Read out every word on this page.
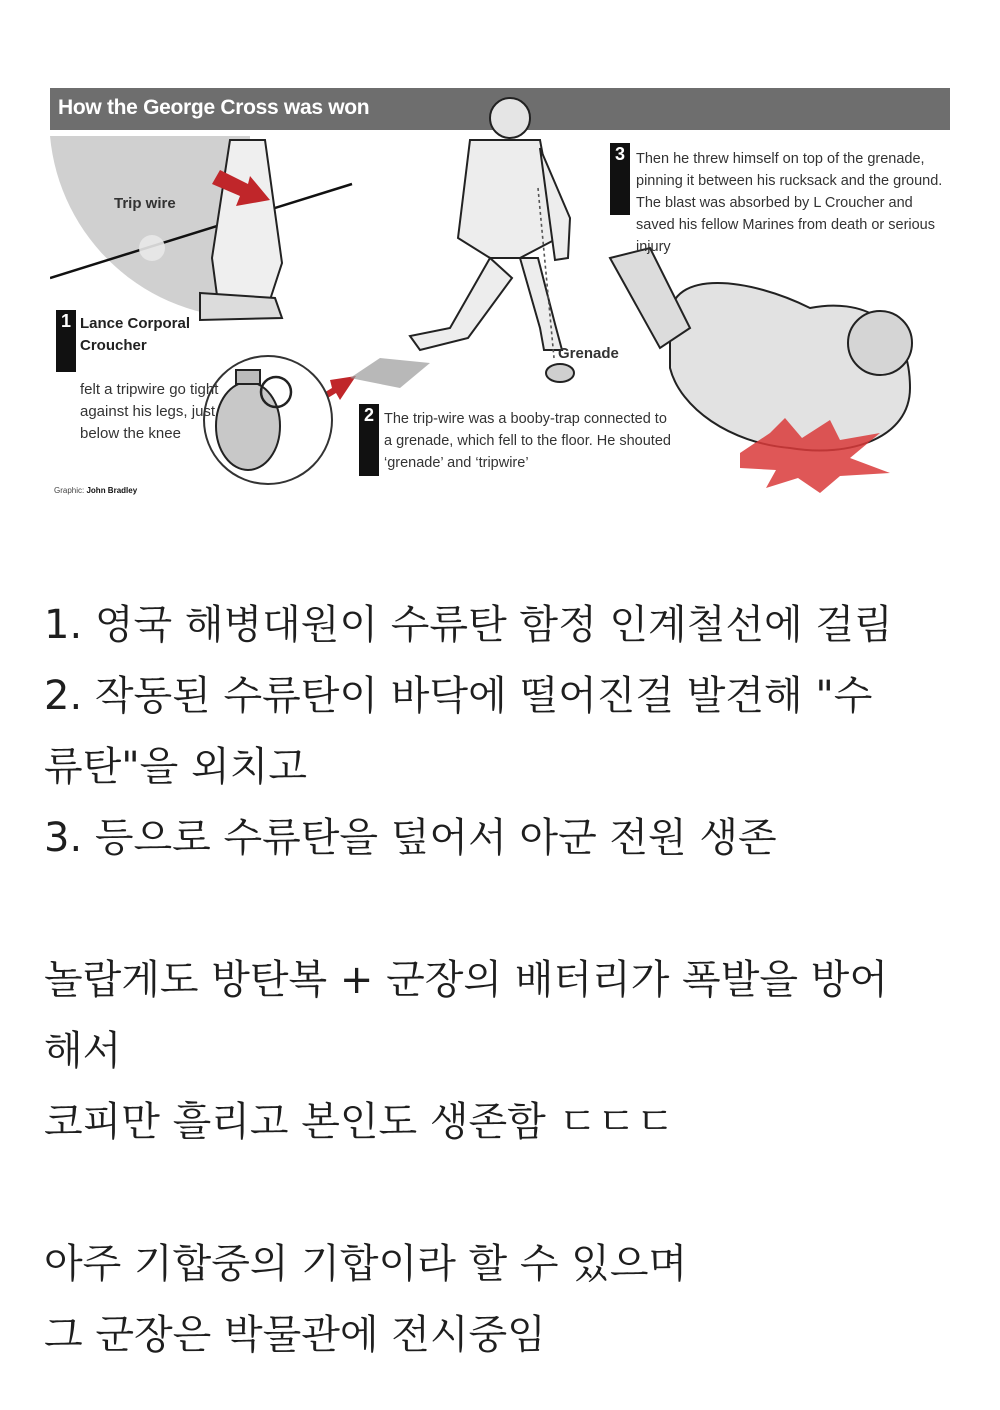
How the George Cross was won
Trip wire
Grenade
1 Lance Corporal Croucher
felt a tripwire go tight against his legs, just below the knee
2 The trip-wire was a booby-trap connected to a grenade, which fell to the floor. He shouted ‘grenade’ and ‘tripwire’
3 Then he threw himself on top of the grenade, pinning it between his rucksack and the ground. The blast was absorbed by L Croucher and saved his fellow Marines from death or serious injury
Graphic: John Bradley
1. 영국 해병대원이 수류탄 함정 인계철선에 걸림
2. 작동된 수류탄이 바닥에 떨어진걸 발견해 "수
류탄"을 외치고
3. 등으로 수류탄을 덮어서 아군 전원 생존
놀랍게도 방탄복 + 군장의 배터리가 폭발을 방어
해서
코피만 흘리고 본인도 생존함 ㄷㄷㄷ
아주 기합중의 기합이라 할 수 있으며
그 군장은 박물관에 전시중임
